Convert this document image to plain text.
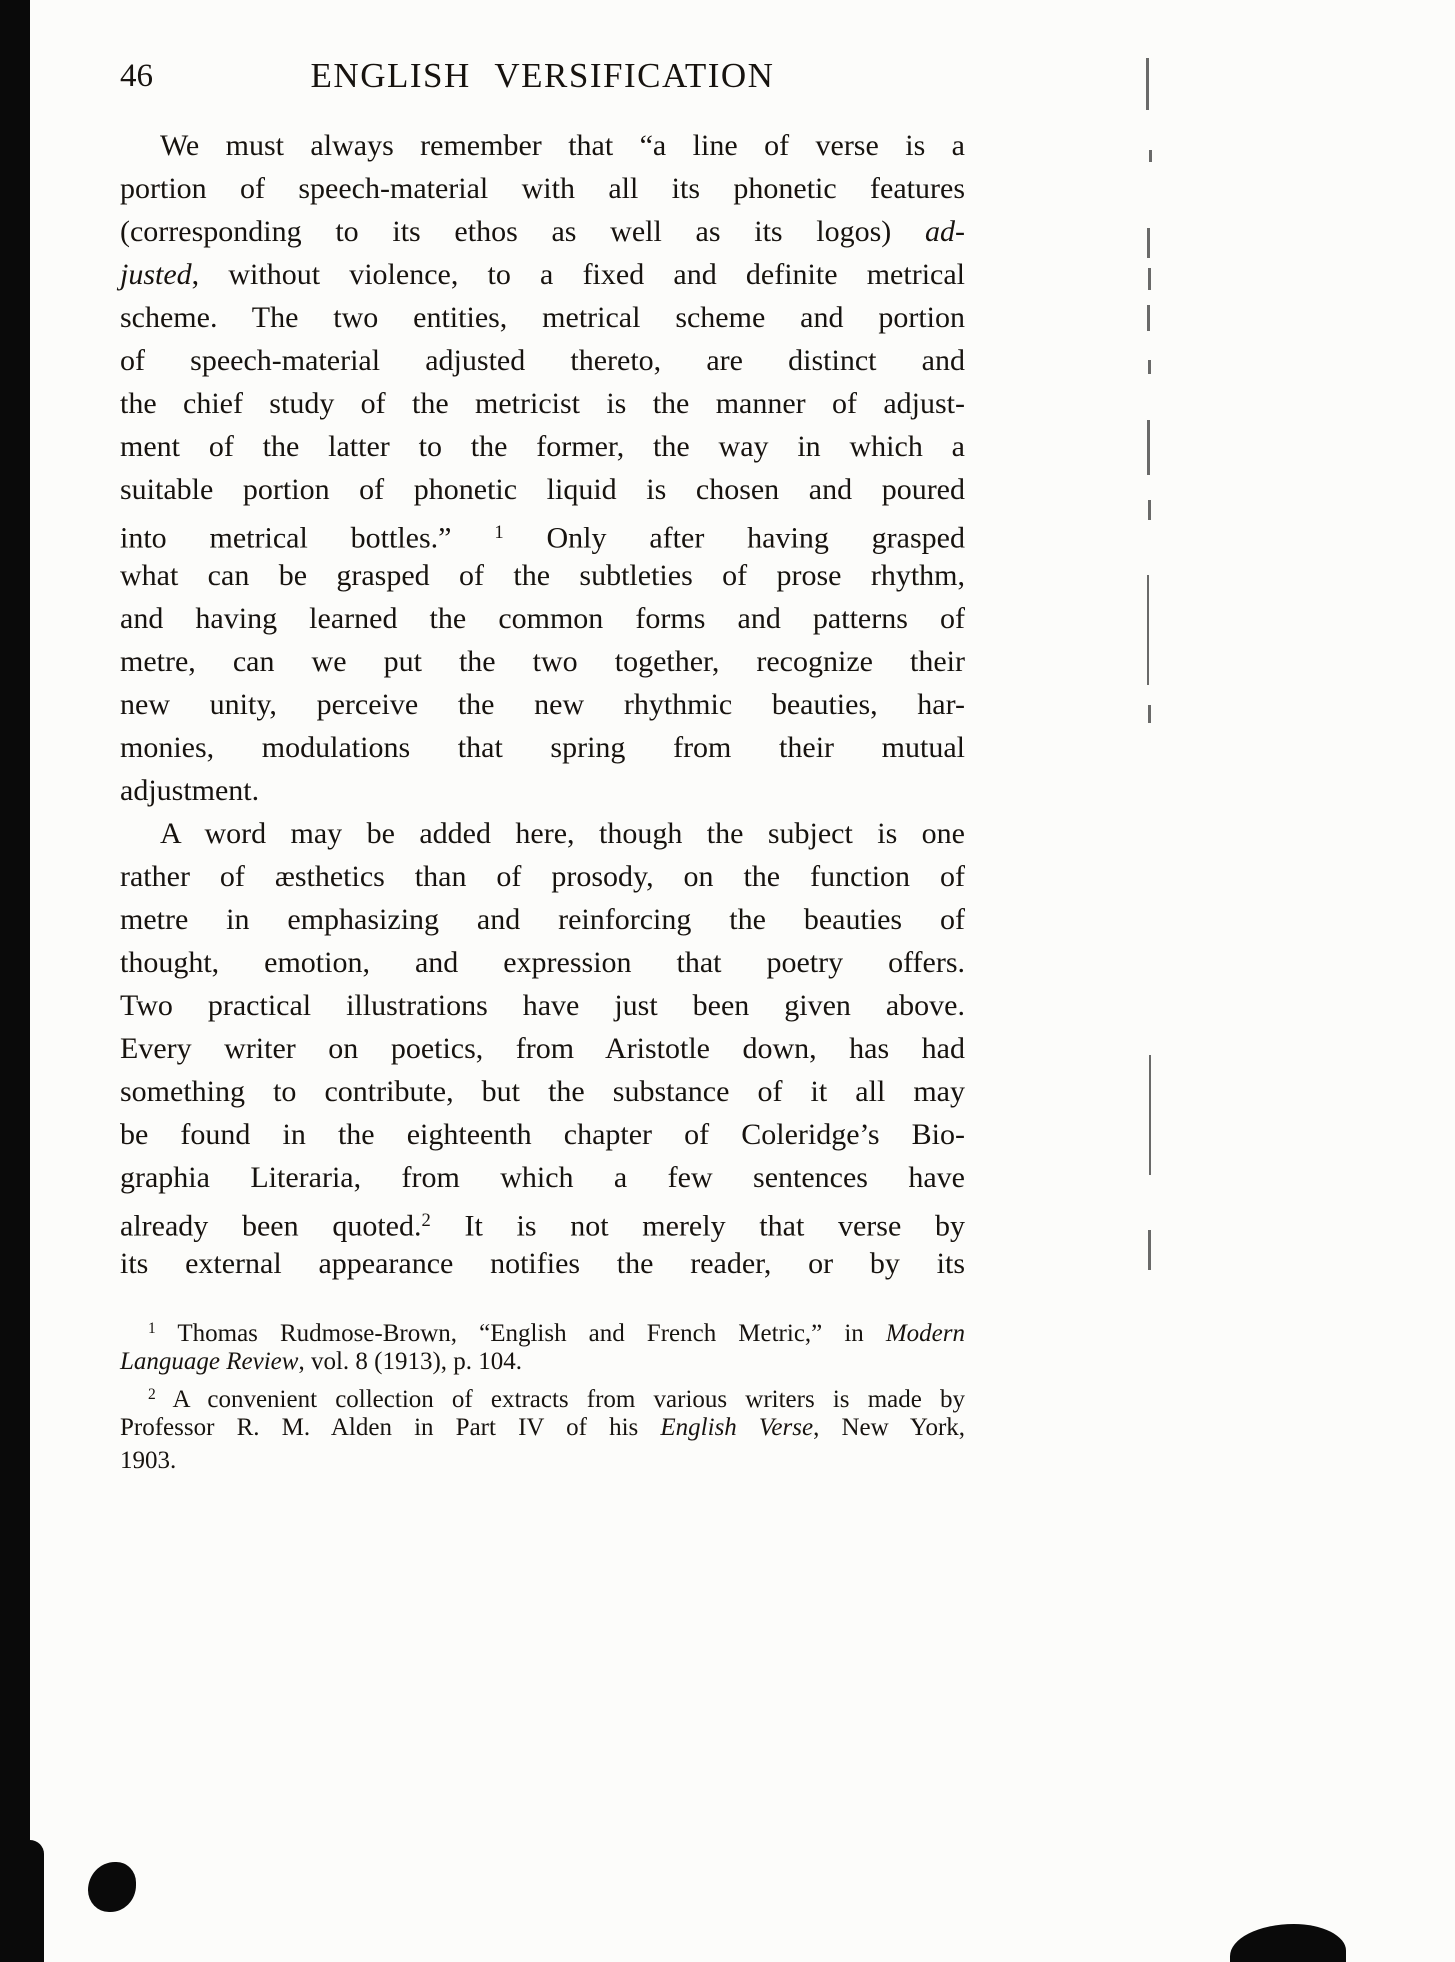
46	ENGLISH VERSIFICATION
We must always remember that “a line of verse is a
portion of speech-material with all its phonetic features
(corresponding to its ethos as well as its logos) ad-
justed, without violence, to a fixed and definite metrical
scheme. The two entities, metrical scheme and portion
of speech-material adjusted thereto, are distinct and
the chief study of the metricist is the manner of adjust-
ment of the latter to the former, the way in which a
suitable portion of phonetic liquid is chosen and poured
into metrical bottles.” $^1$ Only after having grasped
what can be grasped of the subtleties of prose rhythm,
and having learned the common forms and patterns of
metre, can we put the two together, recognize their
new unity, perceive the new rhythmic beauties, har-
monies, modulations that spring from their mutual
adjustment.
A word may be added here, though the subject is one
rather of æsthetics than of prosody, on the function of
metre in emphasizing and reinforcing the beauties of
thought, emotion, and expression that poetry offers.
Two practical illustrations have just been given above.
Every writer on poetics, from Aristotle down, has had
something to contribute, but the substance of it all may
be found in the eighteenth chapter of Coleridge’s Bio-
graphia Literaria, from which a few sentences have
already been quoted.$^2$ It is not merely that verse by
its external appearance notifies the reader, or by its
$^1$ Thomas Rudmose-Brown, “English and French Metric,” in Modern
Language Review, vol. 8 (1913), p. 104.
$^2$ A convenient collection of extracts from various writers is made by
Professor R. M. Alden in Part IV of his English Verse, New York,
1903.
